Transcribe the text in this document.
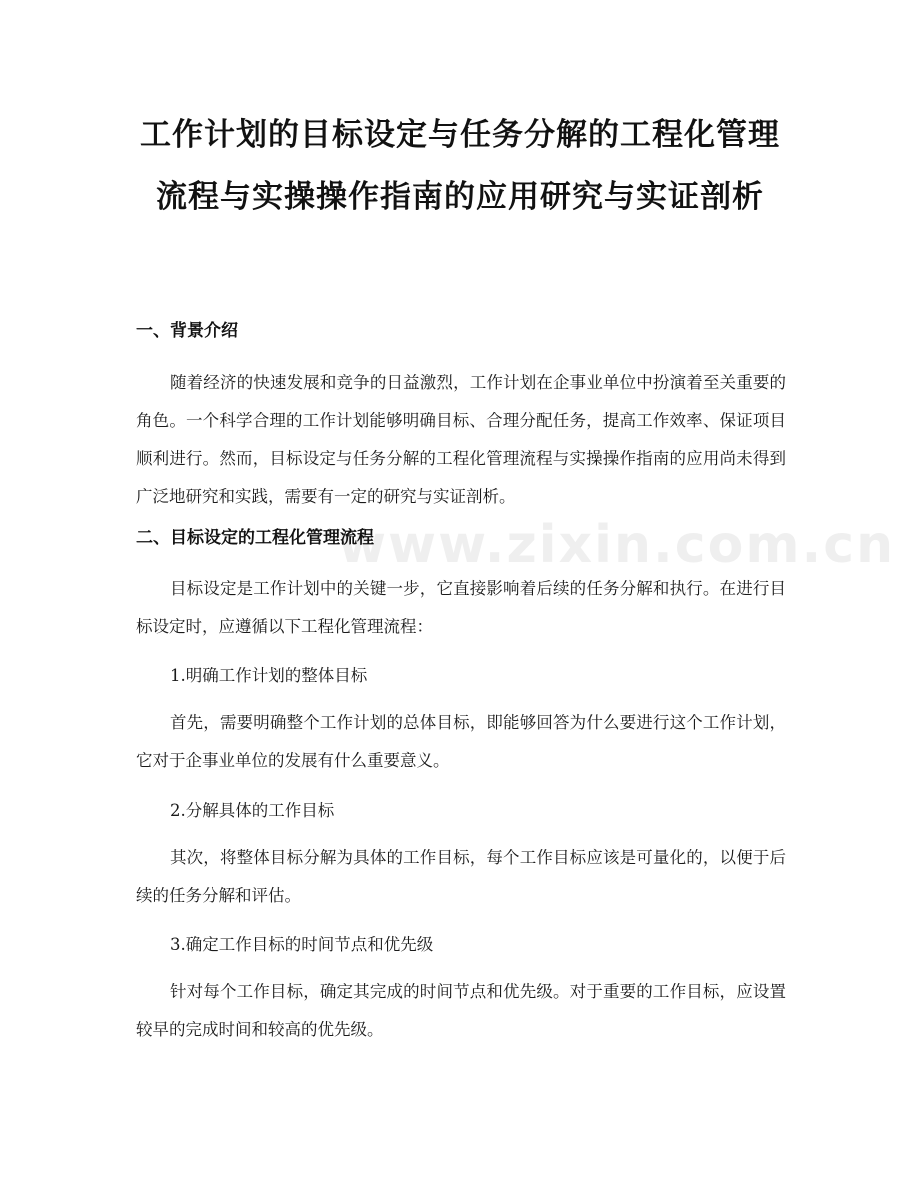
www.zixin.com.cn
工作计划的目标设定与任务分解的工程化管理流程与实操操作指南的应用研究与实证剖析
一、背景介绍
随着经济的快速发展和竞争的日益激烈，工作计划在企事业单位中扮演着至关重要的角色。一个科学合理的工作计划能够明确目标、合理分配任务，提高工作效率、保证项目顺利进行。然而，目标设定与任务分解的工程化管理流程与实操操作指南的应用尚未得到广泛地研究和实践，需要有一定的研究与实证剖析。
二、目标设定的工程化管理流程
目标设定是工作计划中的关键一步，它直接影响着后续的任务分解和执行。在进行目标设定时，应遵循以下工程化管理流程：
1.明确工作计划的整体目标
首先，需要明确整个工作计划的总体目标，即能够回答为什么要进行这个工作计划，它对于企事业单位的发展有什么重要意义。
2.分解具体的工作目标
其次，将整体目标分解为具体的工作目标，每个工作目标应该是可量化的，以便于后续的任务分解和评估。
3.确定工作目标的时间节点和优先级
针对每个工作目标，确定其完成的时间节点和优先级。对于重要的工作目标，应设置较早的完成时间和较高的优先级。
